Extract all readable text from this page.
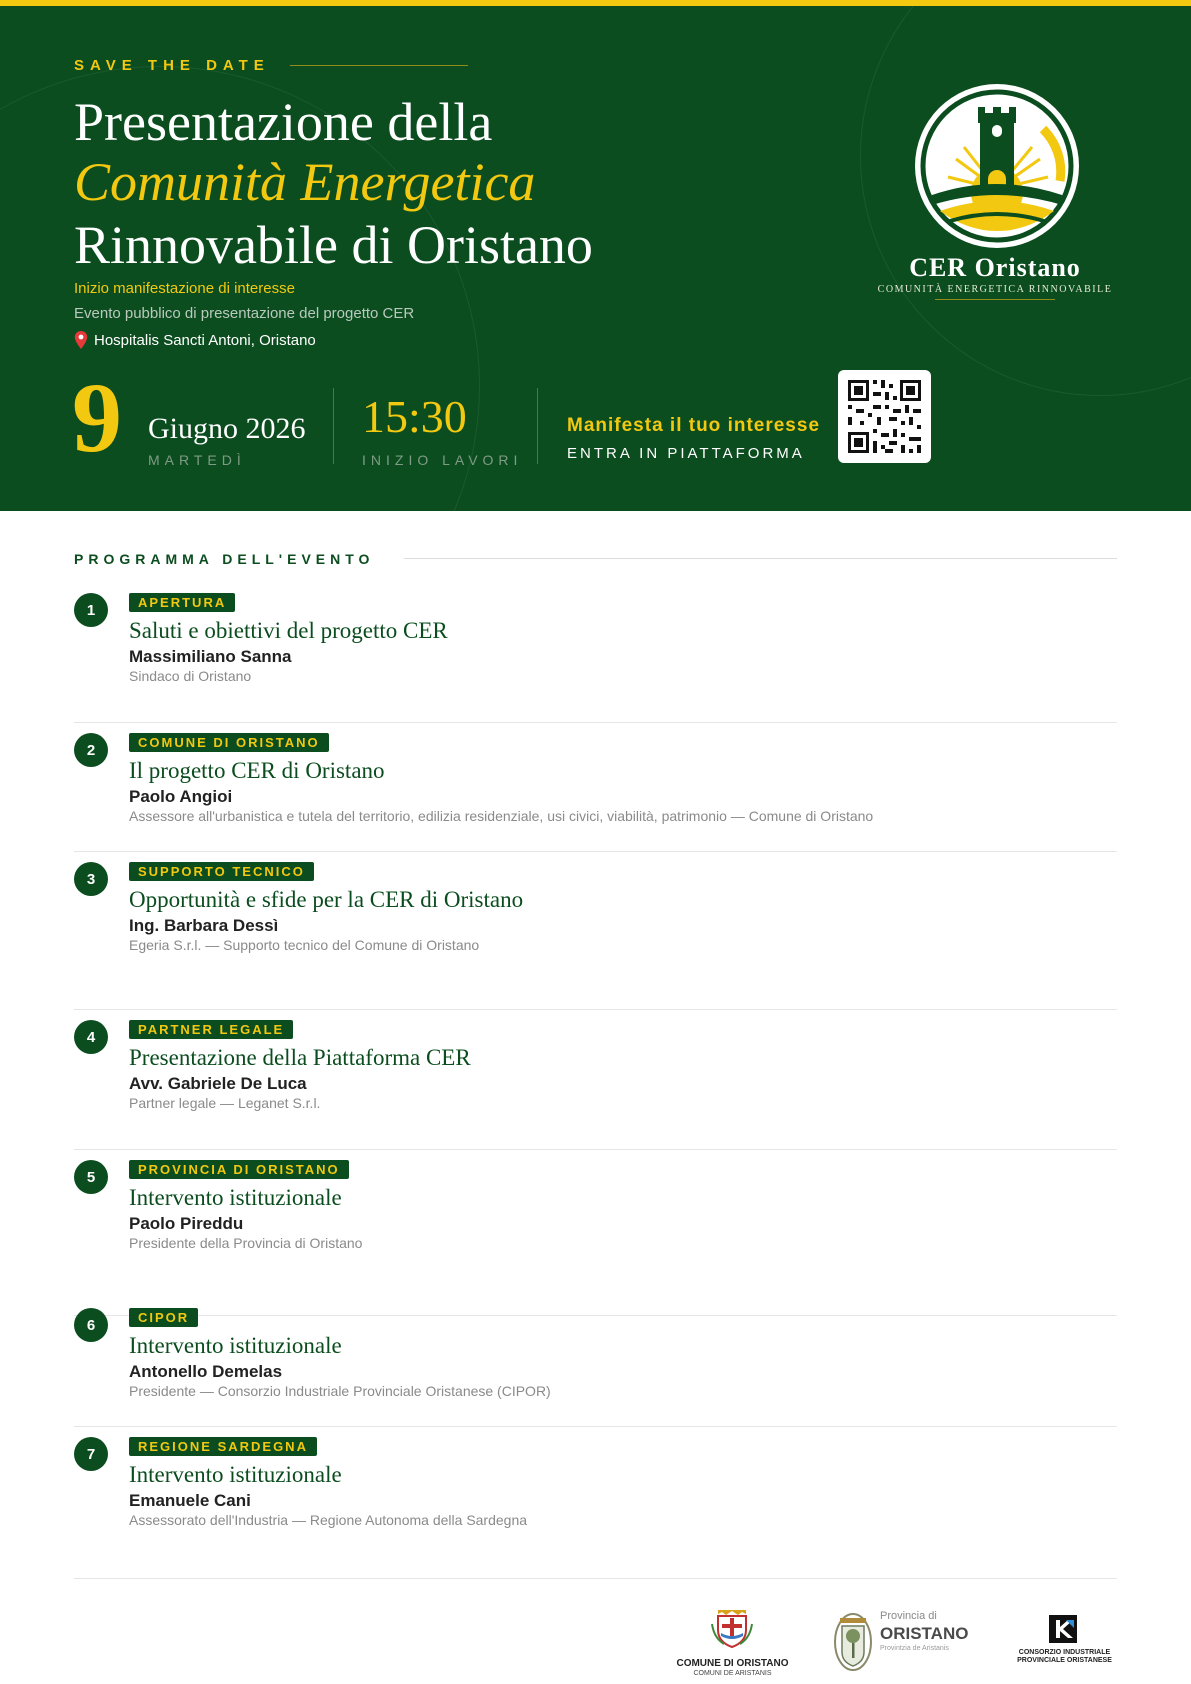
SAVE THE DATE
Presentazione della
Comunità Energetica
Rinnovabile di Oristano
Inizio manifestazione di interesse
Evento pubblico di presentazione del progetto CER
Hospitalis Sancti Antoni, Oristano
9 Giugno 2026
MARTEDÌ
15:30
INIZIO LAVORI
Manifesta il tuo interesse
ENTRA IN PIATTAFORMA
CER Oristano
COMUNITÀ ENERGETICA RINNOVABILE
PROGRAMMA DELL'EVENTO
1	APERTURA
Saluti e obiettivi del progetto CER
Massimiliano Sanna
Sindaco di Oristano
2	COMUNE DI ORISTANO
Il progetto CER di Oristano
Paolo Angioi
Assessore all'urbanistica e tutela del territorio, edilizia residenziale, usi civici, viabilità, patrimonio — Comune di Oristano
3	SUPPORTO TECNICO
Opportunità e sfide per la CER di Oristano
Ing. Barbara Dessì
Egeria S.r.l. — Supporto tecnico del Comune di Oristano
4	PARTNER LEGALE
Presentazione della Piattaforma CER
Avv. Gabriele De Luca
Partner legale — Leganet S.r.l.
5	PROVINCIA DI ORISTANO
Intervento istituzionale
Paolo Pireddu
Presidente della Provincia di Oristano
6	CIPOR
Intervento istituzionale
Antonello Demelas
Presidente — Consorzio Industriale Provinciale Oristanese (CIPOR)
7	REGIONE SARDEGNA
Intervento istituzionale
Emanuele Cani
Assessorato dell'Industria — Regione Autonoma della Sardegna
COMUNE DI ORISTANO
COMUNI DE ARISTANIS
Provincia di
ORISTANO
Provintzia de Aristanis
CONSORZIO INDUSTRIALE
PROVINCIALE ORISTANESE
